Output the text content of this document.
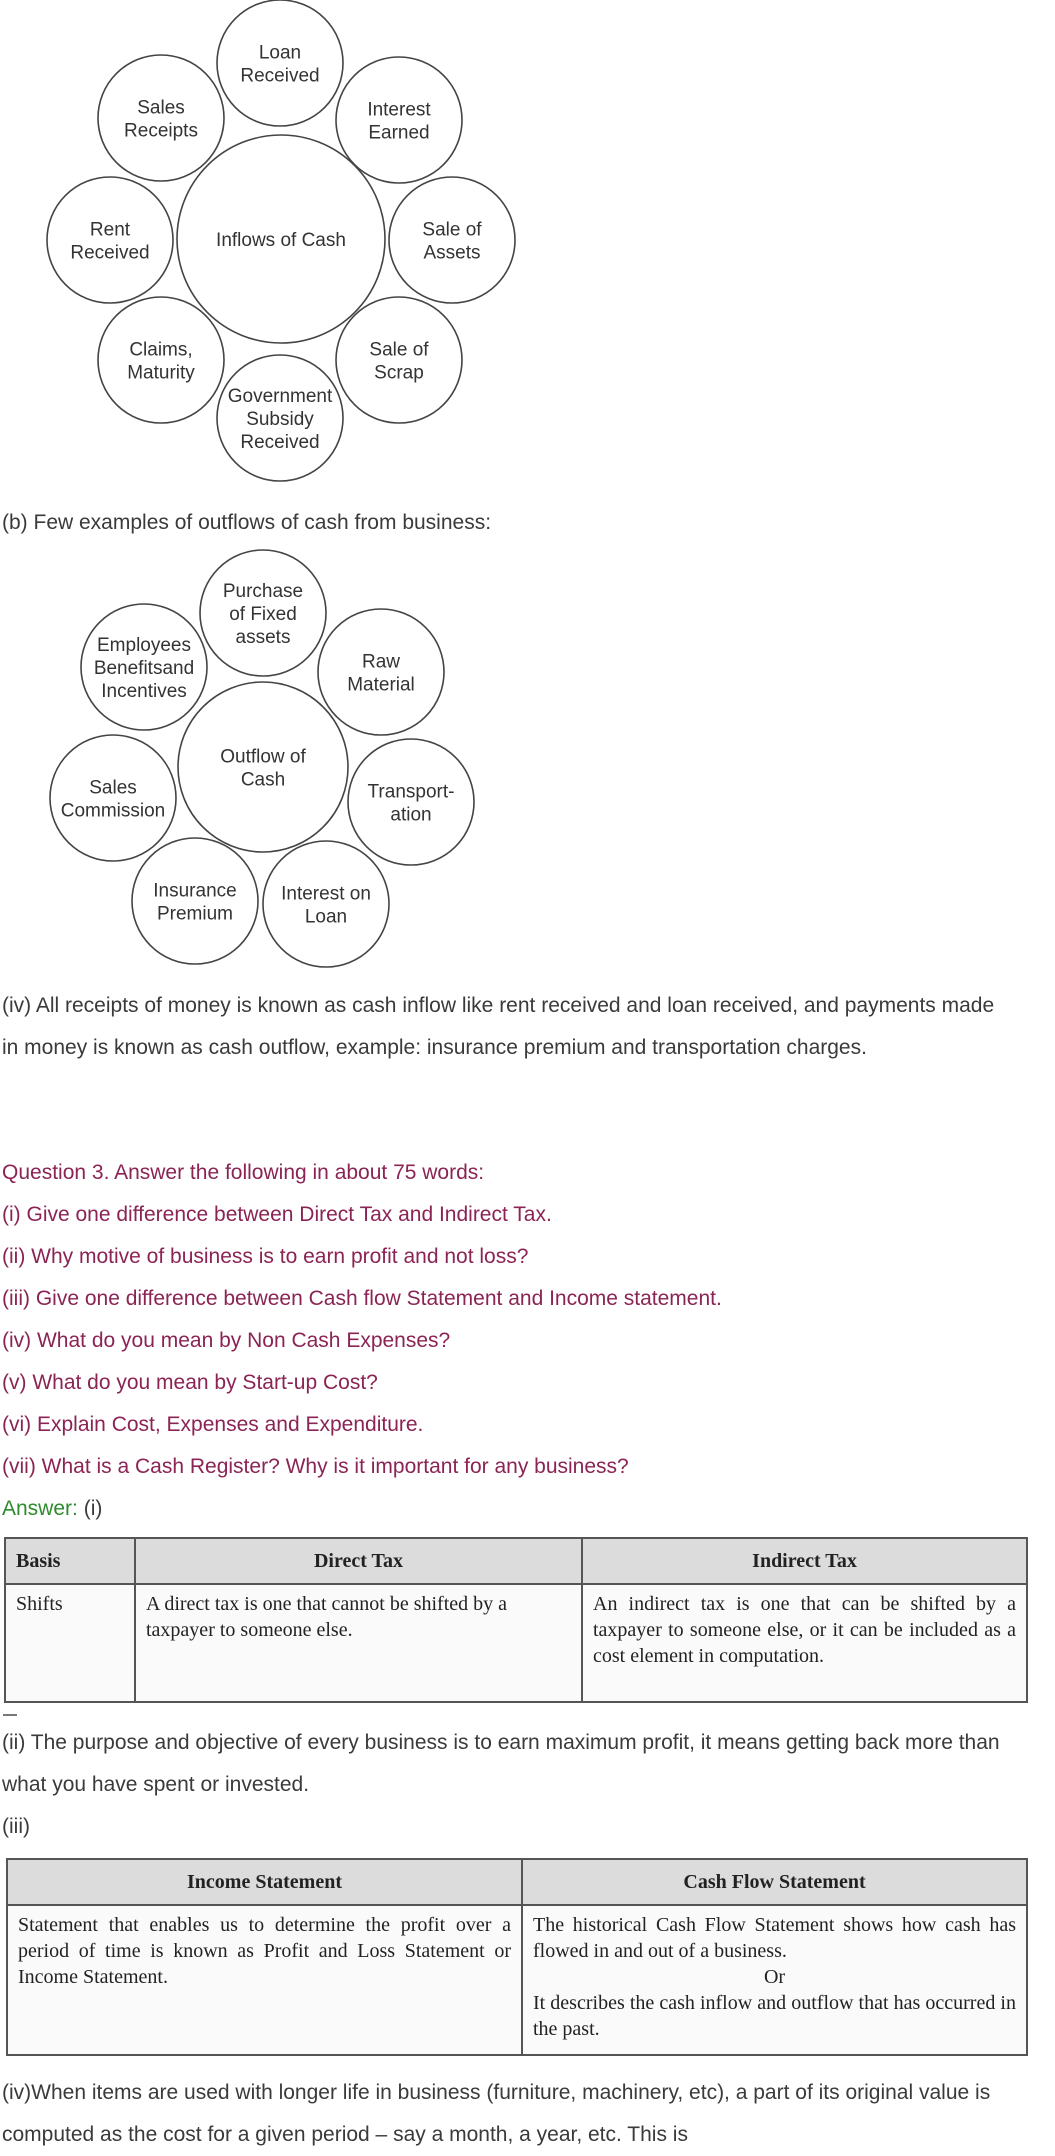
Inflows of Cash
Loan
Received
Interest
Earned
Sale of
Assets
Sale of
Scrap
Government
Subsidy
Received
Claims,
Maturity
Rent
Received
Sales
Receipts
(b) Few examples of outflows of cash from business:
Outflow of
Cash
Purchase
of Fixed
assets
Raw
Material
Transport-
ation
Interest on
Loan
Insurance
Premium
Sales
Commission
Employees
Benefitsand
Incentives
(iv) All receipts of money is known as cash inflow like rent received and loan received, and payments made in money is known as cash outflow, example: insurance premium and transportation charges.
Question 3. Answer the following in about 75 words:
(i) Give one difference between Direct Tax and Indirect Tax.
(ii) Why motive of business is to earn profit and not loss?
(iii) Give one difference between Cash flow Statement and Income statement.
(iv) What do you mean by Non Cash Expenses?
(v) What do you mean by Start-up Cost?
(vi) Explain Cost, Expenses and Expenditure.
(vii) What is a Cash Register? Why is it important for any business?
Answer: (i)
Basis	Direct Tax	Indirect Tax
Shifts	A direct tax is one that cannot be shifted by a taxpayer to someone else.	An indirect tax is one that can be shifted by a taxpayer to someone else, or it can be included as a cost element in computation.
(ii) The purpose and objective of every business is to earn maximum profit, it means getting back more than what you have spent or invested.
(iii)
Income Statement	Cash Flow Statement
Statement that enables us to determine the profit over a period of time is known as Profit and Loss Statement or Income Statement.	The historical Cash Flow Statement shows how cash has flowed in and out of a business.
Or
It describes the cash inflow and outflow that has occurred in the past.
(iv)When items are used with longer life in business (furniture, machinery, etc), a part of its original value is computed as the cost for a given period – say a month, a year, etc. This is
